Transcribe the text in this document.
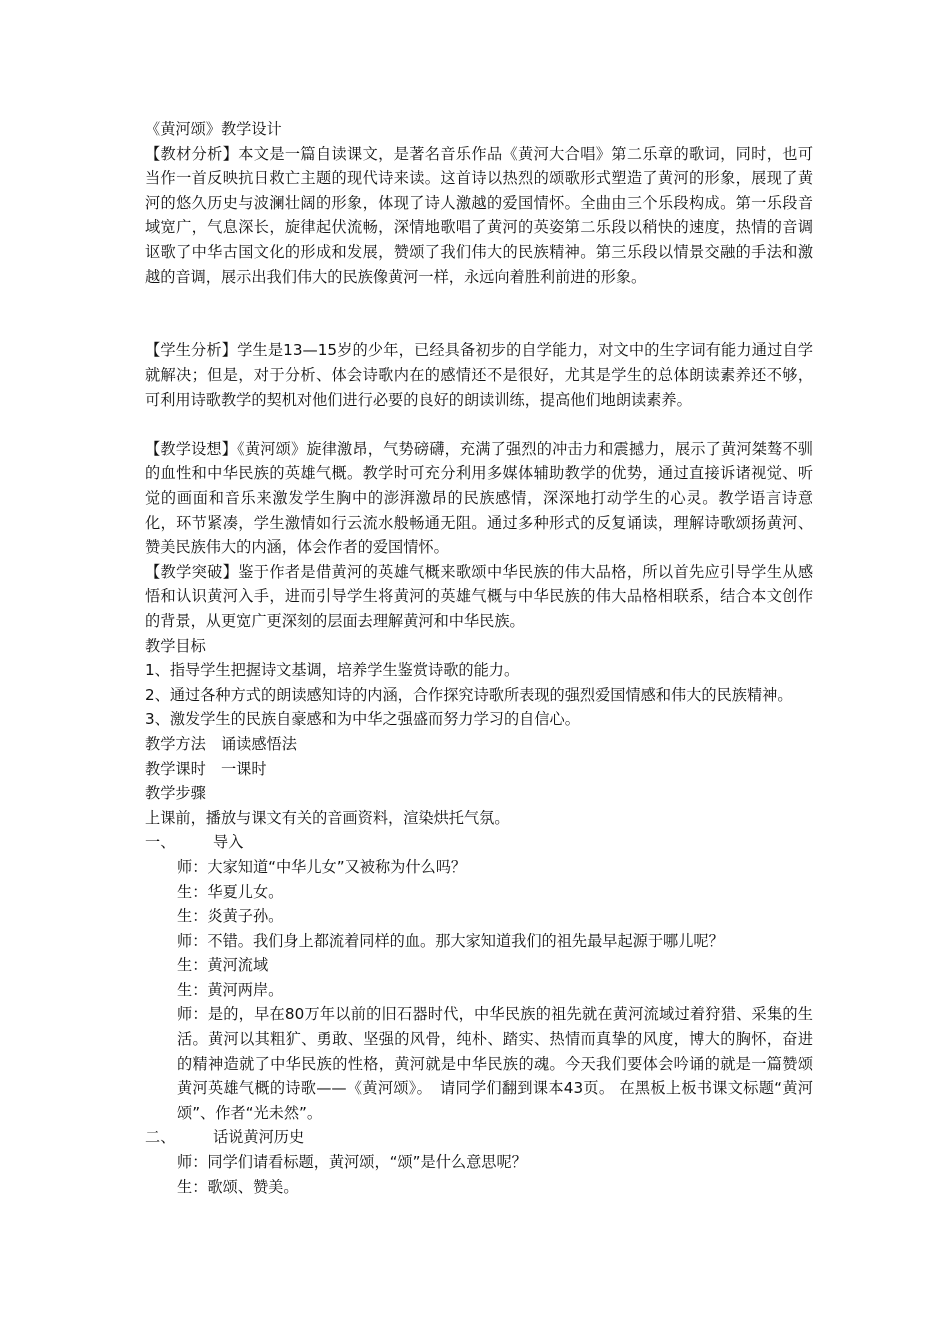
《黄河颂》教学设计

【教材分析】本文是一篇自读课文，是著名音乐作品《黄河大合唱》第二乐章的歌词，同时，也可当作一首反映抗日救亡主题的现代诗来读。这首诗以热烈的颂歌形式塑造了黄河的形象，展现了黄河的悠久历史与波澜壮阔的形象，体现了诗人激越的爱国情怀。全曲由三个乐段构成。第一乐段音域宽广，气息深长，旋律起伏流畅，深情地歌唱了黄河的英姿第二乐段以稍快的速度，热情的音调讴歌了中华古国文化的形成和发展，赞颂了我们伟大的民族精神。第三乐段以情景交融的手法和激越的音调，展示出我们伟大的民族像黄河一样，永远向着胜利前进的形象。

【学生分析】学生是13—15岁的少年，已经具备初步的自学能力，对文中的生字词有能力通过自学就解决；但是，对于分析、体会诗歌内在的感情还不是很好，尤其是学生的总体朗读素养还不够，可利用诗歌教学的契机对他们进行必要的良好的朗读训练，提高他们地朗读素养。

【教学设想】《黄河颂》旋律激昂，气势磅礴，充满了强烈的冲击力和震撼力，展示了黄河桀骜不驯的血性和中华民族的英雄气概。教学时可充分利用多媒体辅助教学的优势，通过直接诉诸视觉、听觉的画面和音乐来激发学生胸中的澎湃激昂的民族感情，深深地打动学生的心灵。教学语言诗意化，环节紧凑，学生激情如行云流水般畅通无阻。通过多种形式的反复诵读，理解诗歌颂扬黄河、赞美民族伟大的内涵，体会作者的爱国情怀。

【教学突破】鉴于作者是借黄河的英雄气概来歌颂中华民族的伟大品格，所以首先应引导学生从感悟和认识黄河入手，进而引导学生将黄河的英雄气概与中华民族的伟大品格相联系，结合本文创作的背景，从更宽广更深刻的层面去理解黄河和中华民族。

教学目标

1、指导学生把握诗文基调，培养学生鉴赏诗歌的能力。

2、通过各种方式的朗读感知诗的内涵，合作探究诗歌所表现的强烈爱国情感和伟大的民族精神。

3、激发学生的民族自豪感和为中华之强盛而努力学习的自信心。

教学方法　诵读感悟法

教学课时　一课时

教学步骤

上课前，播放与课文有关的音画资料，渲染烘托气氛。

一、 导入

师：大家知道“中华儿女”又被称为什么吗？

生：华夏儿女。

生：炎黄子孙。

师：不错。我们身上都流着同样的血。那大家知道我们的祖先最早起源于哪儿呢？

生：黄河流域

生：黄河两岸。

师：是的，早在80万年以前的旧石器时代，中华民族的祖先就在黄河流域过着狩猎、采集的生活。黄河以其粗犷、勇敢、坚强的风骨，纯朴、踏实、热情而真挚的风度，博大的胸怀，奋进的精神造就了中华民族的性格，黄河就是中华民族的魂。今天我们要体会吟诵的就是一篇赞颂黄河英雄气概的诗歌——《黄河颂》。　请同学们翻到课本43页。 在黑板上板书课文标题“黄河颂”、作者“光未然”。

二、 话说黄河历史

师：同学们请看标题，黄河颂，“颂”是什么意思呢？

生：歌颂、赞美。
